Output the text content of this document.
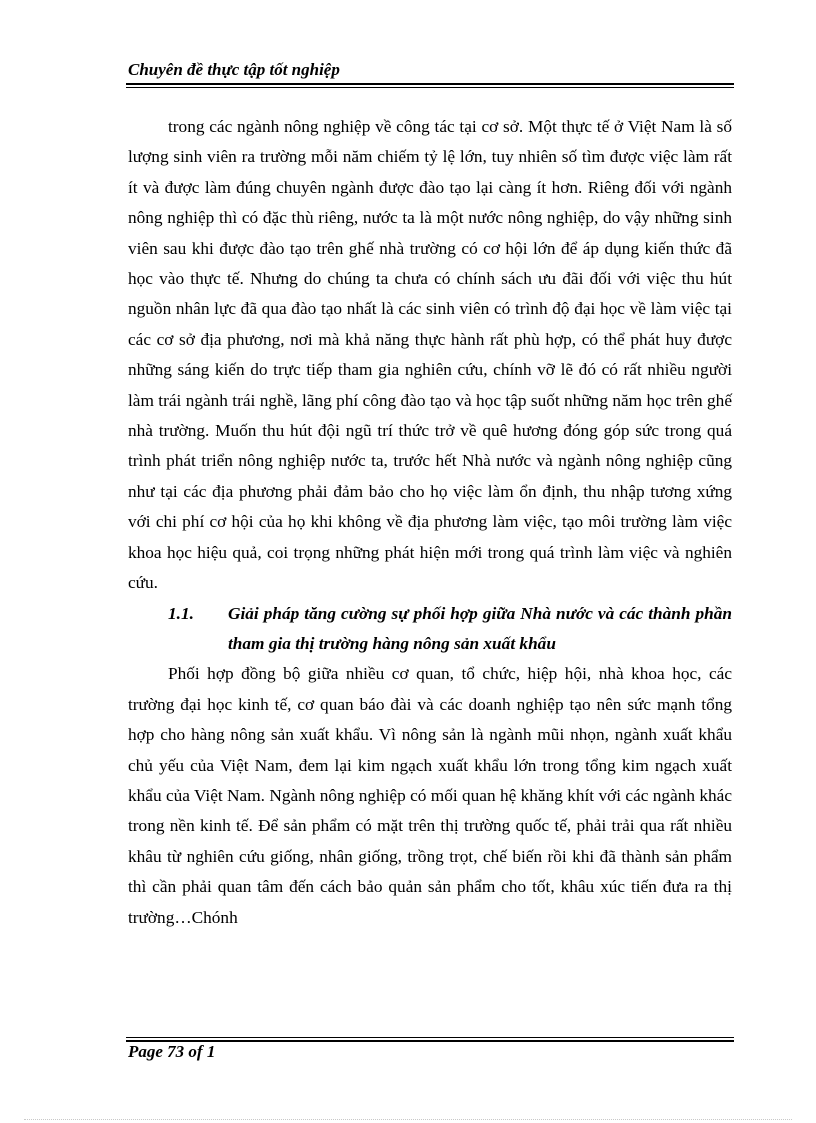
Chuyên đề thực tập tốt nghiệp

trong các ngành nông nghiệp về công tác tại cơ sở. Một thực tế ở Việt Nam là số lượng sinh viên ra trường mỗi năm chiếm tỷ lệ lớn, tuy nhiên số tìm được việc làm rất ít và được làm đúng chuyên ngành được đào tạo lại càng ít hơn. Riêng đối với ngành nông nghiệp thì có đặc thù riêng, nước ta là một nước nông nghiệp, do vậy những sinh viên sau khi được đào tạo trên ghế nhà trường có cơ hội lớn để áp dụng kiến thức đã học vào thực tế. Nhưng do chúng ta chưa có chính sách ưu đãi đối với việc thu hút nguồn nhân lực đã qua đào tạo nhất là các sinh viên có trình độ đại học về làm việc tại các cơ sở địa phương, nơi mà khả năng thực hành rất phù hợp, có thể phát huy được những sáng kiến do trực tiếp tham gia nghiên cứu, chính vỡ lẽ đó có rất nhiều người làm trái ngành trái nghề, lãng phí công đào tạo và học tập suốt những năm học trên ghế nhà trường. Muốn thu hút đội ngũ trí thức trở về quê hương đóng góp sức trong quá trình phát triển nông nghiệp nước ta, trước hết Nhà nước và ngành nông nghiệp cũng như tại các địa phương phải đảm bảo cho họ việc làm ổn định, thu nhập tương xứng với chi phí cơ hội của họ khi không về địa phương làm việc, tạo môi trường làm việc khoa học hiệu quả, coi trọng những phát hiện mới trong quá trình làm việc và nghiên cứu.

1.1.	Giải pháp tăng cường sự phối hợp giữa Nhà nước và các thành phần tham gia thị trường hàng nông sản xuất khẩu

Phối hợp đồng bộ giữa nhiều cơ quan, tổ chức, hiệp hội, nhà khoa học, các trường đại học kinh tế, cơ quan báo đài và các doanh nghiệp tạo nên sức mạnh tổng hợp cho hàng nông sản xuất khẩu. Vì nông sản là ngành mũi nhọn, ngành xuất khẩu chủ yếu của Việt Nam, đem lại kim ngạch xuất khẩu lớn trong tổng kim ngạch xuất khẩu của Việt Nam. Ngành nông nghiệp có mối quan hệ khăng khít với các ngành khác trong nền kinh tế. Để sản phẩm có mặt trên thị trường quốc tế, phải trải qua rất nhiều khâu từ nghiên cứu giống, nhân giống, trồng trọt, chế biến rồi khi đã thành sản phẩm thì cần phải quan tâm đến cách bảo quản sản phẩm cho tốt, khâu xúc tiến đưa ra thị trường…Chónh

Page 73 of 1
